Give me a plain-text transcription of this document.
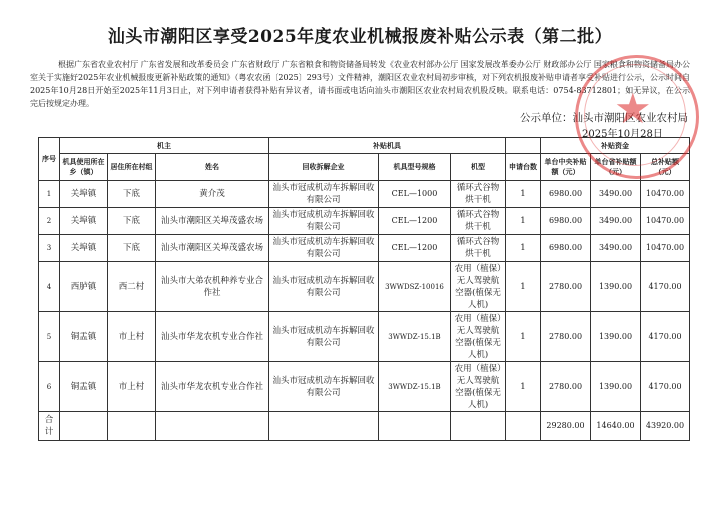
汕头市潮阳区享受2025年度农业机械报废补贴公示表（第二批）
根据广东省农业农村厅 广东省发展和改革委员会 广东省财政厅 广东省粮食和物资储备局转发《农业农村部办公厅 国家发展改革委办公厅 财政部办公厅 国家粮食和物资储备局办公室关于实施好2025年农业机械报废更新补贴政策的通知》（粤农农函〔2025〕293号）文件精神，潮阳区农业农村局初步审核，对下列农机报废补贴申请者享受补贴进行公示，公示时间自2025年10月28日开始至2025年11月3日止，对下列申请者获得补贴有异议者，请书面或电话向汕头市潮阳区农业农村局农机股反映。联系电话：0754-83712801；如无异议，在公示完后按规定办理。
公示单位：汕头市潮阳区农业农村局
2025年10月28日
序号	机主			补贴机具				补贴资金		
	机具使用所在乡（镇）	居住所在村组	姓名	回收拆解企业	机具型号规格	机型	申请台数	单台中央补贴额（元）	单台省补贴额（元）	总补贴额（元）
1	关埠镇	下底	黄介茂	汕头市冠成机动车拆解回收有限公司	CEL—1000	循环式谷物烘干机	1	6980.00	3490.00	10470.00
2	关埠镇	下底	汕头市潮阳区关埠茂盛农场	汕头市冠成机动车拆解回收有限公司	CEL—1200	循环式谷物烘干机	1	6980.00	3490.00	10470.00
3	关埠镇	下底	汕头市潮阳区关埠茂盛农场	汕头市冠成机动车拆解回收有限公司	CEL—1200	循环式谷物烘干机	1	6980.00	3490.00	10470.00
4	西胪镇	西二村	汕头市大弟农机种养专业合作社	汕头市冠成机动车拆解回收有限公司	3WWDSZ-10016	农用（植保）无人驾驶航空器(植保无人机)	1	2780.00	1390.00	4170.00
5	铜盂镇	市上村	汕头市华龙农机专业合作社	汕头市冠成机动车拆解回收有限公司	3WWDZ-15.1B	农用（植保）无人驾驶航空器(植保无人机)	1	2780.00	1390.00	4170.00
6	铜盂镇	市上村	汕头市华龙农机专业合作社	汕头市冠成机动车拆解回收有限公司	3WWDZ-15.1B	农用（植保）无人驾驶航空器(植保无人机)	1	2780.00	1390.00	4170.00
合计								29280.00	14640.00	43920.00
★
